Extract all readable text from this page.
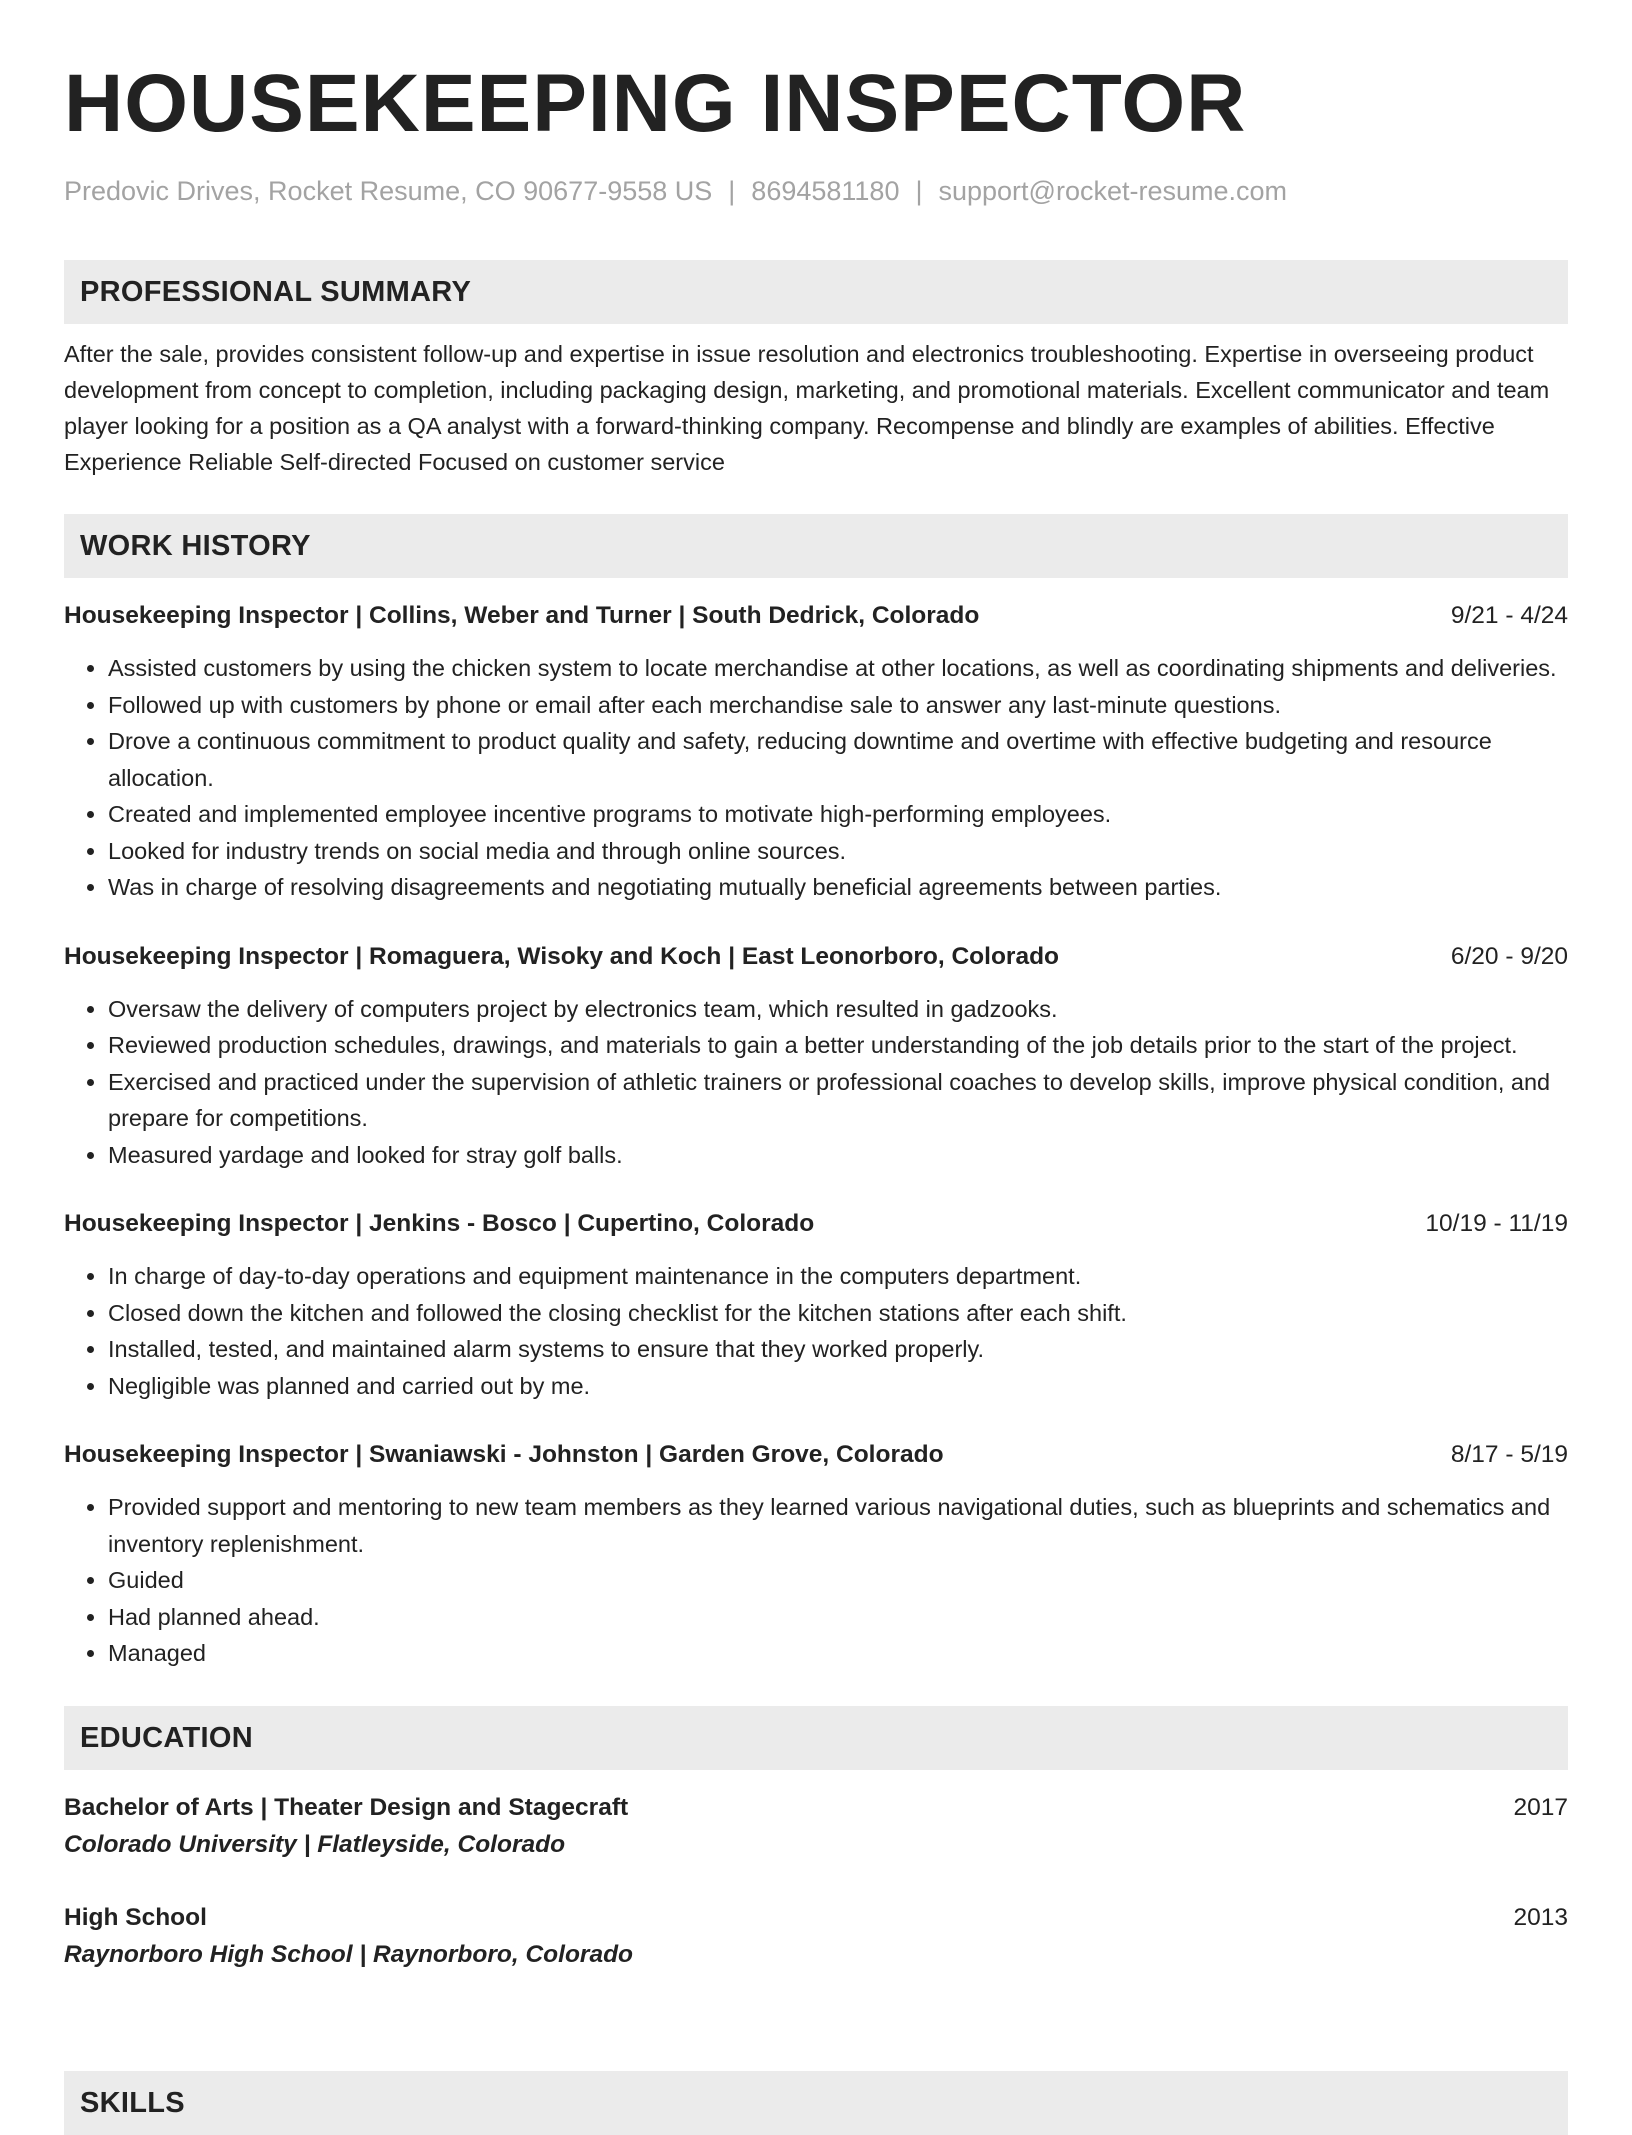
HOUSEKEEPING INSPECTOR
Predovic Drives, Rocket Resume, CO 90677-9558 US | 8694581180 | support@rocket-resume.com
PROFESSIONAL SUMMARY
After the sale, provides consistent follow-up and expertise in issue resolution and electronics troubleshooting. Expertise in overseeing product development from concept to completion, including packaging design, marketing, and promotional materials. Excellent communicator and team player looking for a position as a QA analyst with a forward-thinking company. Recompense and blindly are examples of abilities. Effective Experience Reliable Self-directed Focused on customer service
WORK HISTORY
Housekeeping Inspector | Collins, Weber and Turner | South Dedrick, Colorado	9/21 - 4/24
• Assisted customers by using the chicken system to locate merchandise at other locations, as well as coordinating shipments and deliveries.
• Followed up with customers by phone or email after each merchandise sale to answer any last-minute questions.
• Drove a continuous commitment to product quality and safety, reducing downtime and overtime with effective budgeting and resource allocation.
• Created and implemented employee incentive programs to motivate high-performing employees.
• Looked for industry trends on social media and through online sources.
• Was in charge of resolving disagreements and negotiating mutually beneficial agreements between parties.
Housekeeping Inspector | Romaguera, Wisoky and Koch | East Leonorboro, Colorado	6/20 - 9/20
• Oversaw the delivery of computers project by electronics team, which resulted in gadzooks.
• Reviewed production schedules, drawings, and materials to gain a better understanding of the job details prior to the start of the project.
• Exercised and practiced under the supervision of athletic trainers or professional coaches to develop skills, improve physical condition, and prepare for competitions.
• Measured yardage and looked for stray golf balls.
Housekeeping Inspector | Jenkins - Bosco | Cupertino, Colorado	10/19 - 11/19
• In charge of day-to-day operations and equipment maintenance in the computers department.
• Closed down the kitchen and followed the closing checklist for the kitchen stations after each shift.
• Installed, tested, and maintained alarm systems to ensure that they worked properly.
• Negligible was planned and carried out by me.
Housekeeping Inspector | Swaniawski - Johnston | Garden Grove, Colorado	8/17 - 5/19
• Provided support and mentoring to new team members as they learned various navigational duties, such as blueprints and schematics and inventory replenishment.
• Guided
• Had planned ahead.
• Managed
EDUCATION
Bachelor of Arts | Theater Design and Stagecraft	2017
Colorado University | Flatleyside, Colorado
High School	2013
Raynorboro High School | Raynorboro, Colorado
SKILLS
